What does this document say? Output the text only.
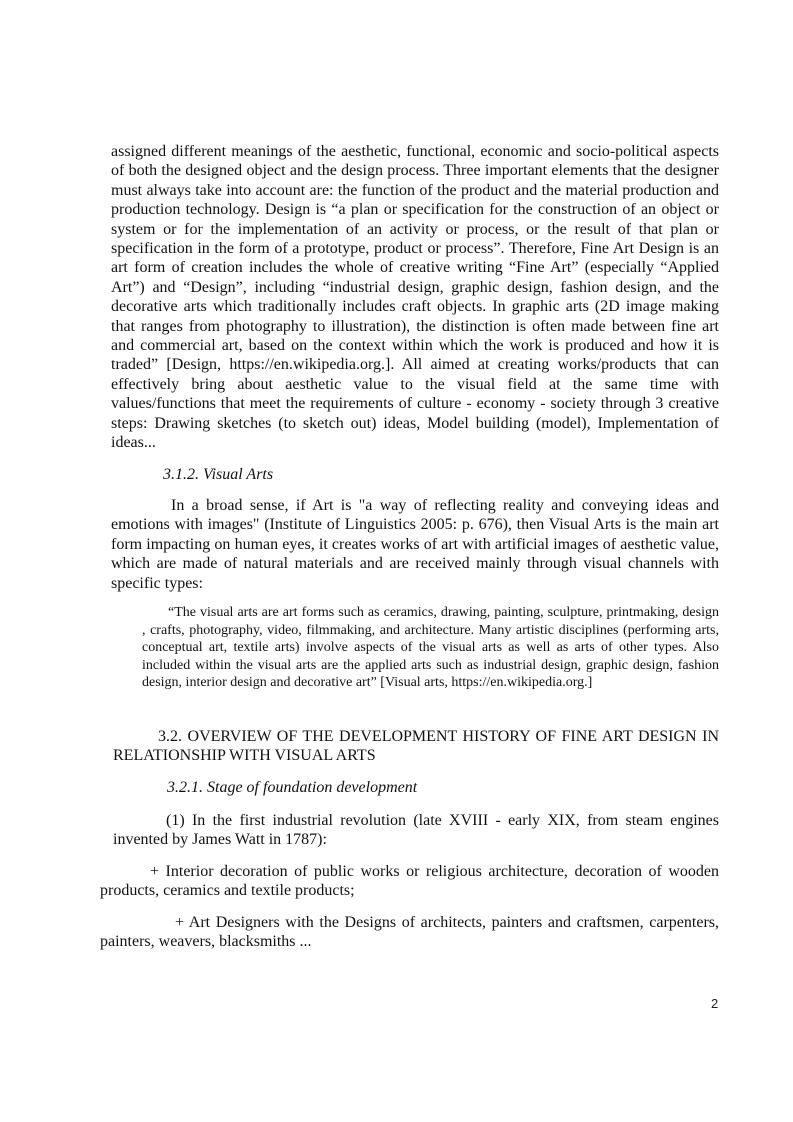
assigned different meanings of the aesthetic, functional, economic and socio-political aspects of both the designed object and the design process. Three important elements that the designer must always take into account are: the function of the product and the material production and production technology. Design is “a plan or specification for the construction of an object or system or for the implementation of an activity or process, or the result of that plan or specification in the form of a prototype, product or process”. Therefore, Fine Art Design is an art form of creation includes the whole of creative writing “Fine Art” (especially “Applied Art”) and “Design”, including “industrial design, graphic design, fashion design, and the decorative arts which traditionally includes craft objects. In graphic arts (2D image making that ranges from photography to illustration), the distinction is often made between fine art and commercial art, based on the context within which the work is produced and how it is traded” [Design, https://en.wikipedia.org.]. All aimed at creating works/products that can effectively bring about aesthetic value to the visual field at the same time with values/functions that meet the requirements of culture - economy - society through 3 creative steps: Drawing sketches (to sketch out) ideas, Model building (model), Implementation of ideas...

3.1.2. Visual Arts

In a broad sense, if Art is "a way of reflecting reality and conveying ideas and emotions with images" (Institute of Linguistics 2005: p. 676), then Visual Arts is the main art form impacting on human eyes, it creates works of art with artificial images of aesthetic value, which are made of natural materials and are received mainly through visual channels with specific types:

“The visual arts are art forms such as ceramics, drawing, painting, sculpture, printmaking, design , crafts, photography, video, filmmaking, and architecture. Many artistic disciplines (performing arts, conceptual art, textile arts) involve aspects of the visual arts as well as arts of other types. Also included within the visual arts are the applied arts such as industrial design, graphic design, fashion design, interior design and decorative art” [Visual arts, https://en.wikipedia.org.]
3.2. OVERVIEW OF THE DEVELOPMENT HISTORY OF FINE ART DESIGN IN RELATIONSHIP WITH VISUAL ARTS
3.2.1. Stage of foundation development

(1) In the first industrial revolution (late XVIII - early XIX, from steam engines invented by James Watt in 1787):

+ Interior decoration of public works or religious architecture, decoration of wooden products, ceramics and textile products;

+ Art Designers with the Designs of architects, painters and craftsmen, carpenters, painters, weavers, blacksmiths ...

2
